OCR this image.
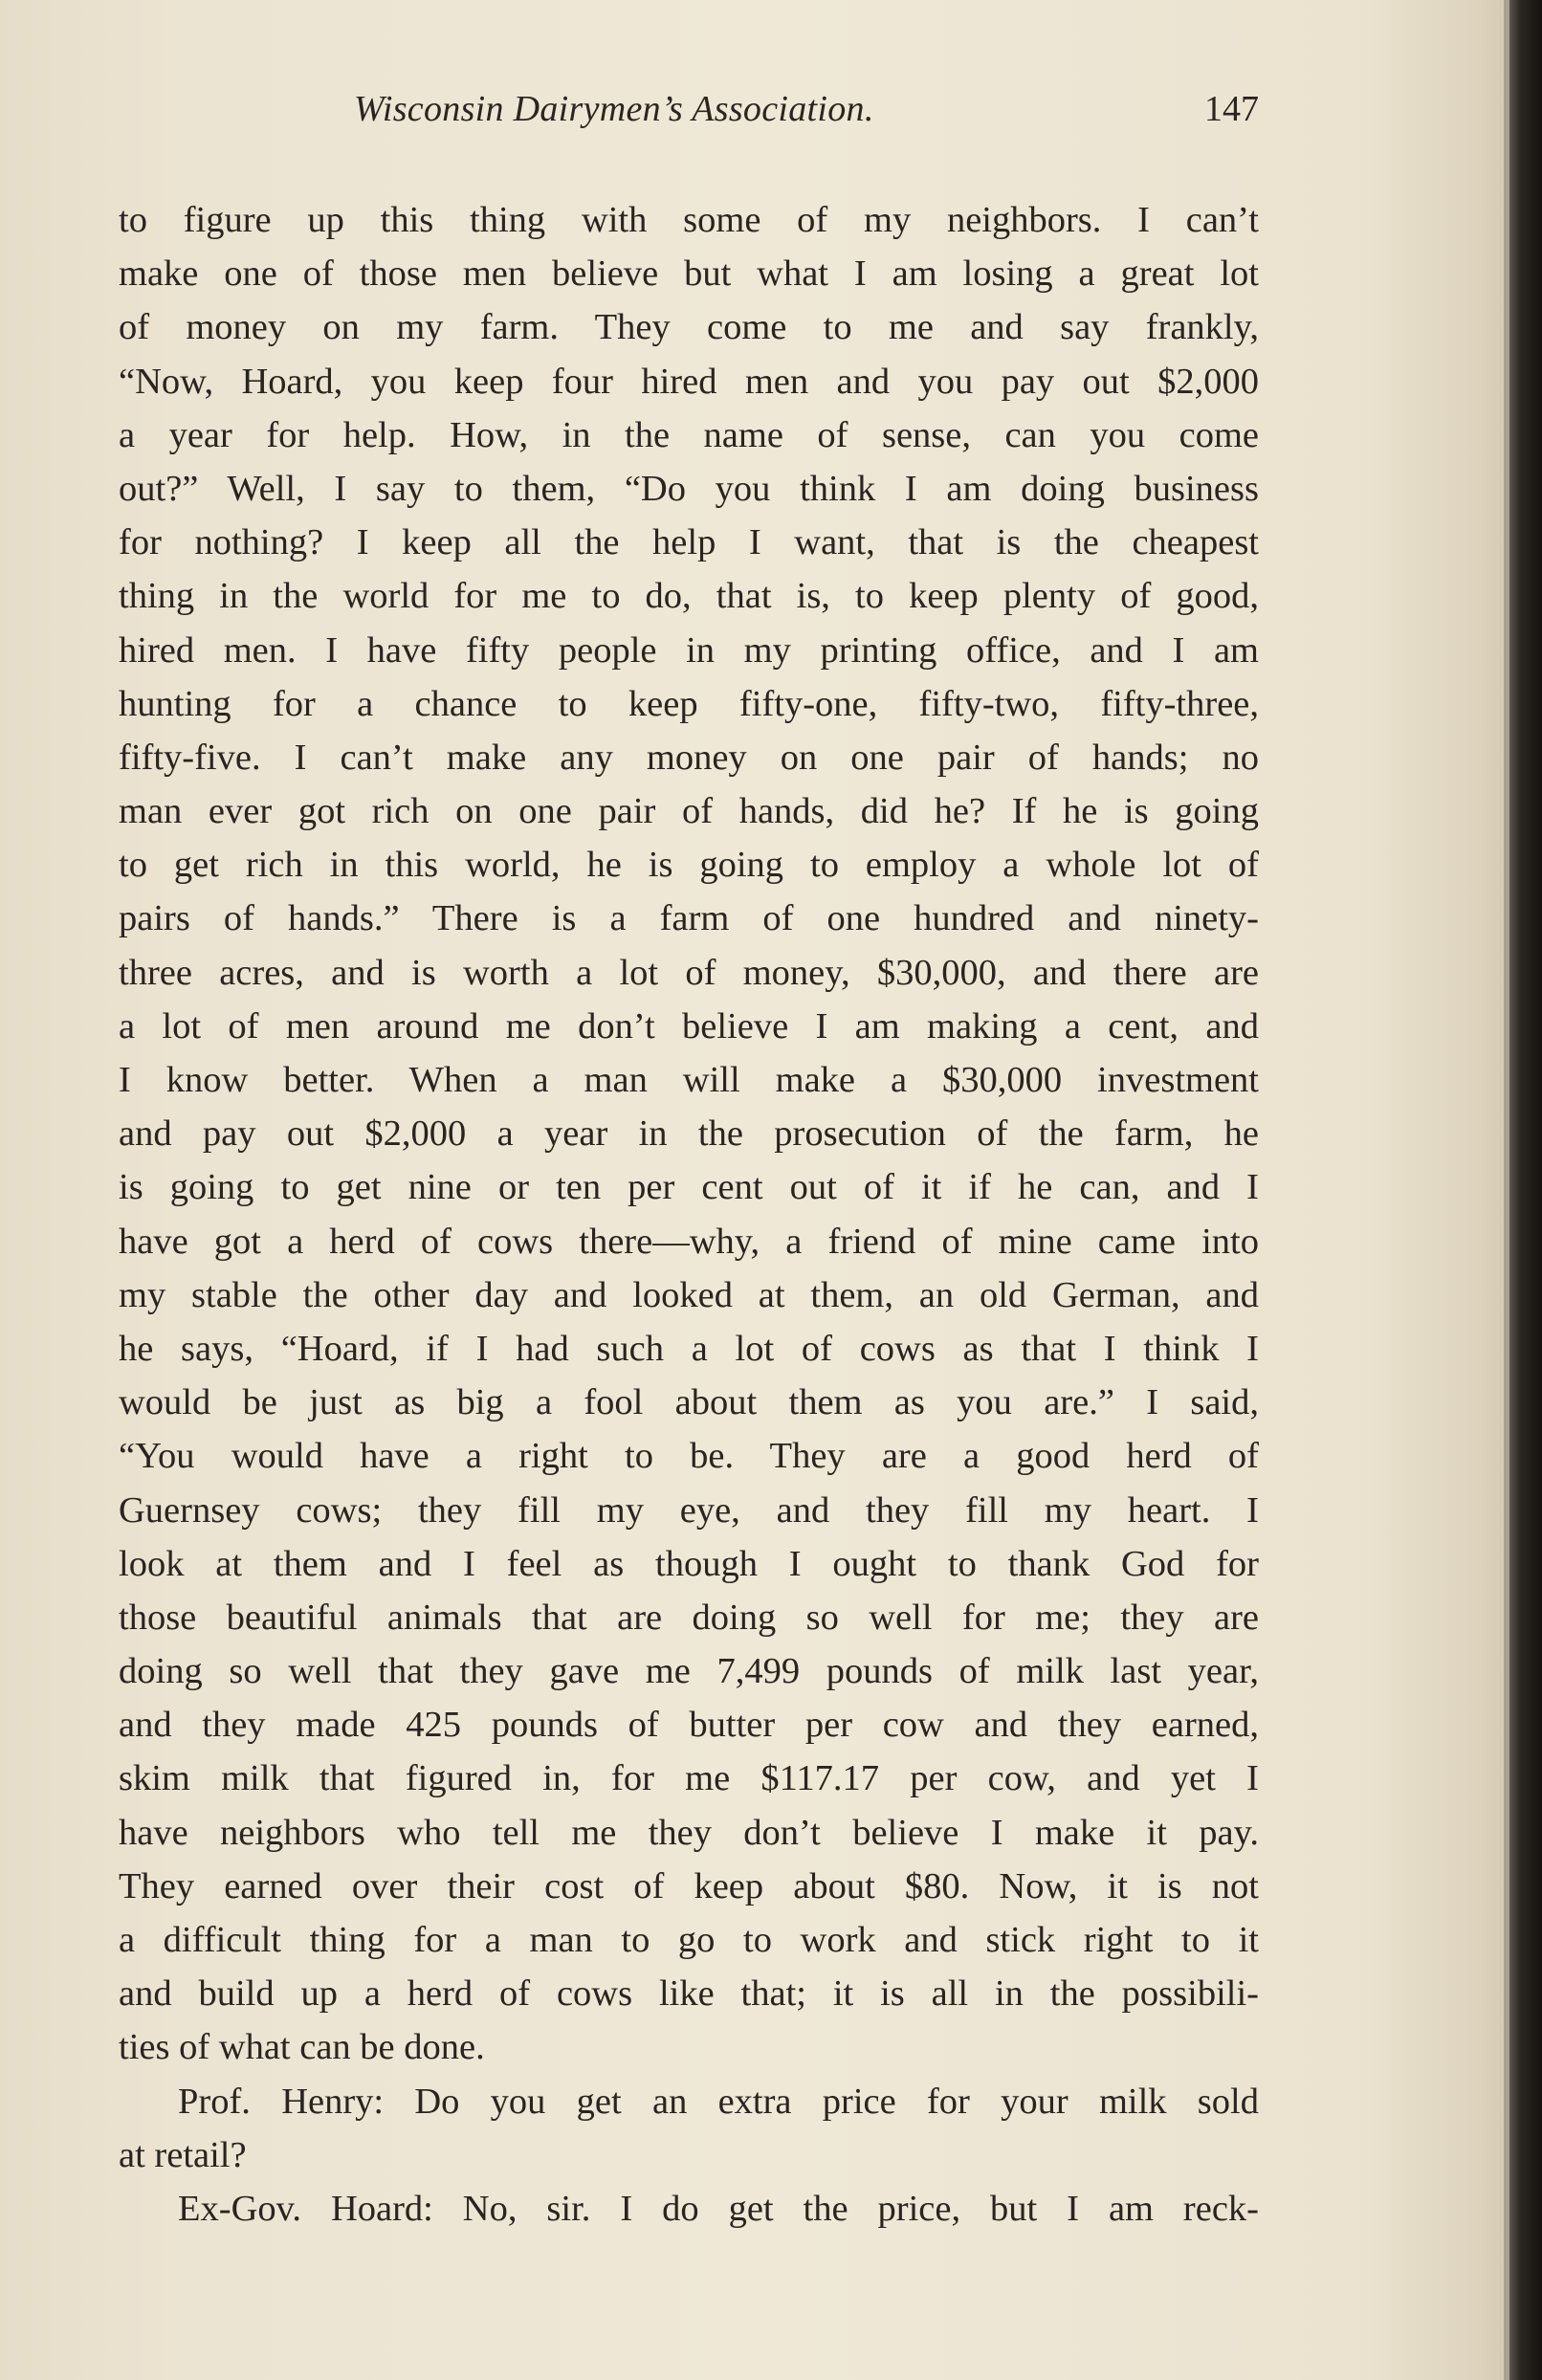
Wisconsin Dairymen’s Association.	147
to figure up this thing with some of my neighbors. I can’t
make one of those men believe but what I am losing a great lot
of money on my farm. They come to me and say frankly,
“Now, Hoard, you keep four hired men and you pay out $2,000
a year for help. How, in the name of sense, can you come
out?” Well, I say to them, “Do you think I am doing business
for nothing? I keep all the help I want, that is the cheapest
thing in the world for me to do, that is, to keep plenty of good,
hired men. I have fifty people in my printing office, and I am
hunting for a chance to keep fifty-one, fifty-two, fifty-three,
fifty-five. I can’t make any money on one pair of hands; no
man ever got rich on one pair of hands, did he? If he is going
to get rich in this world, he is going to employ a whole lot of
pairs of hands.” There is a farm of one hundred and ninety-
three acres, and is worth a lot of money, $30,000, and there are
a lot of men around me don’t believe I am making a cent, and
I know better. When a man will make a $30,000 investment
and pay out $2,000 a year in the prosecution of the farm, he
is going to get nine or ten per cent out of it if he can, and I
have got a herd of cows there—why, a friend of mine came into
my stable the other day and looked at them, an old German, and
he says, “Hoard, if I had such a lot of cows as that I think I
would be just as big a fool about them as you are.” I said,
“You would have a right to be. They are a good herd of
Guernsey cows; they fill my eye, and they fill my heart. I
look at them and I feel as though I ought to thank God for
those beautiful animals that are doing so well for me; they are
doing so well that they gave me 7,499 pounds of milk last year,
and they made 425 pounds of butter per cow and they earned,
skim milk that figured in, for me $117.17 per cow, and yet I
have neighbors who tell me they don’t believe I make it pay.
They earned over their cost of keep about $80. Now, it is not
a difficult thing for a man to go to work and stick right to it
and build up a herd of cows like that; it is all in the possibili-
ties of what can be done.
Prof. Henry: Do you get an extra price for your milk sold
at retail?
Ex-Gov. Hoard: No, sir. I do get the price, but I am reck-
